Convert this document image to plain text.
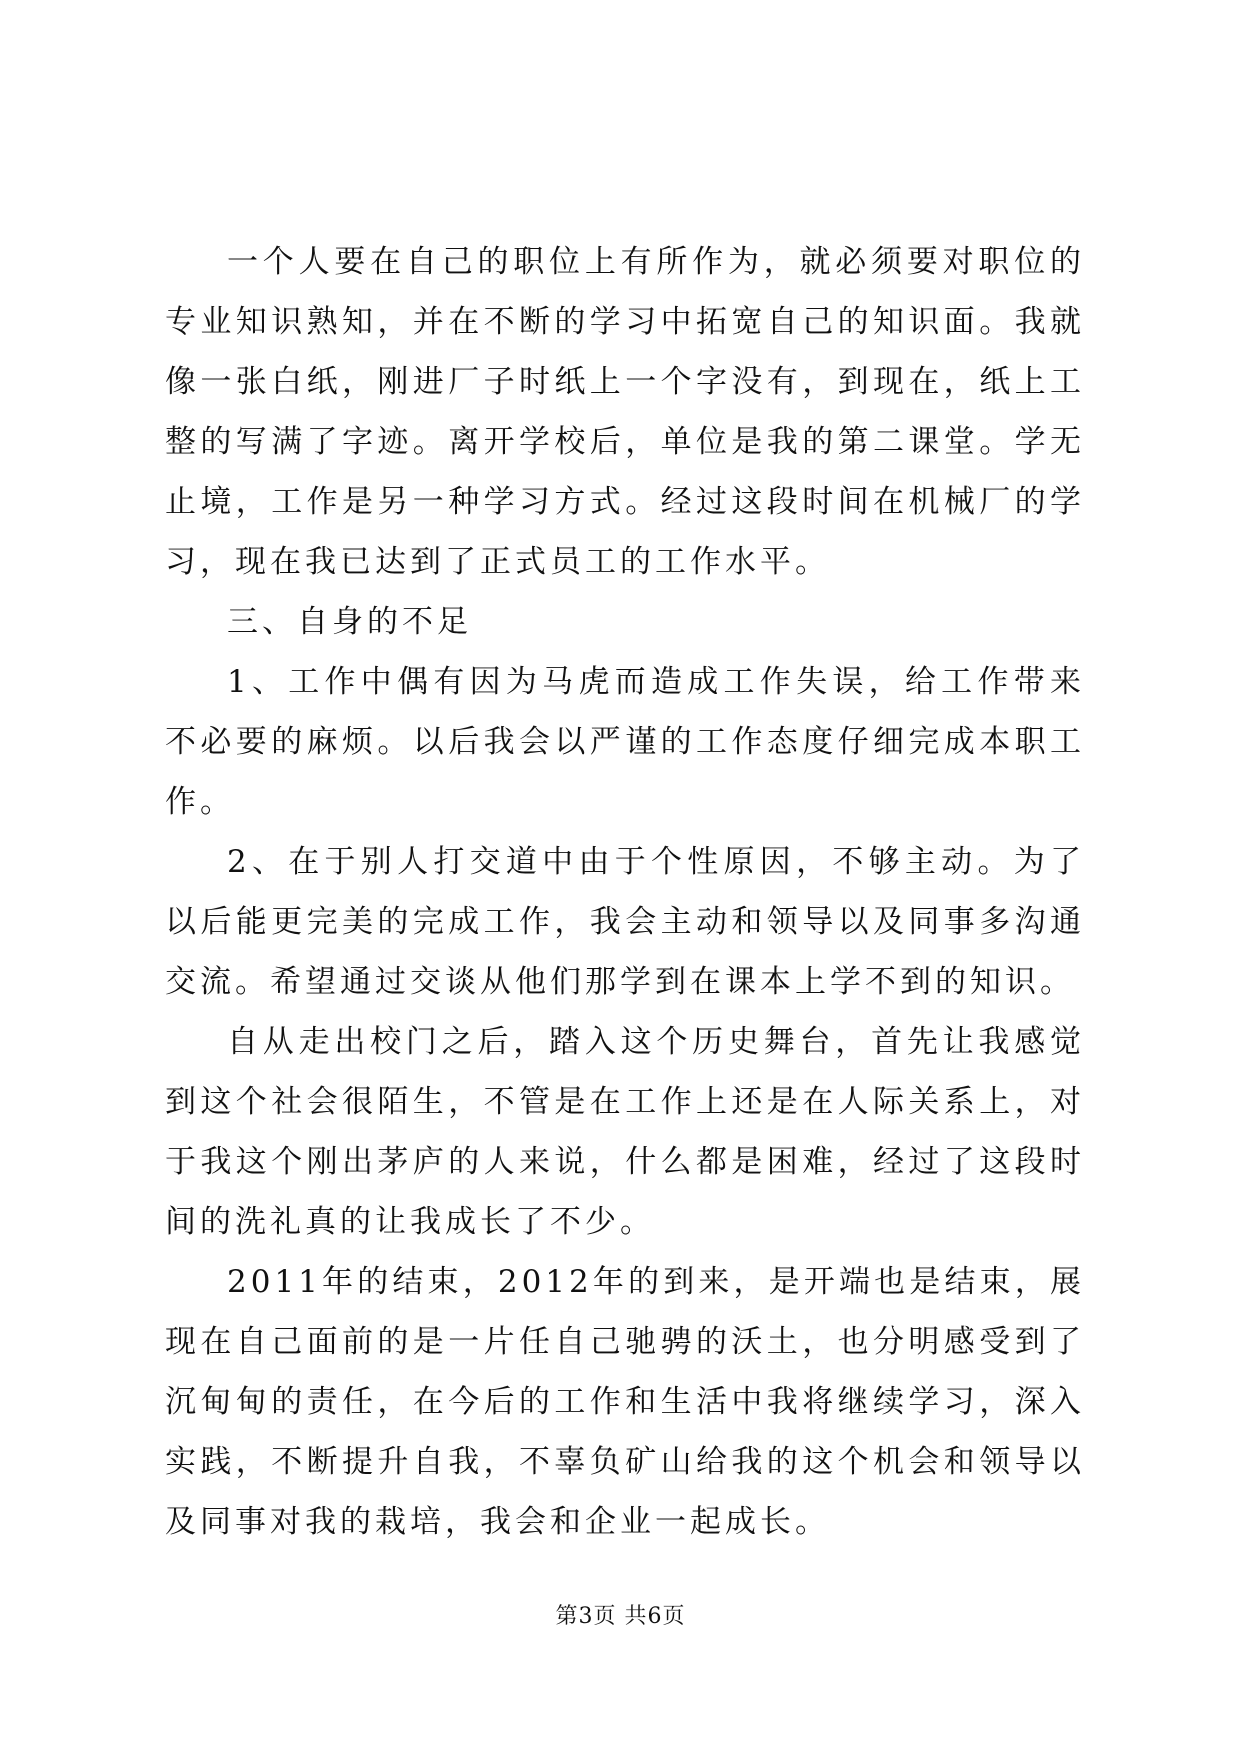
一个人要在自己的职位上有所作为，就必须要对职位的专业知识熟知，并在不断的学习中拓宽自己的知识面。我就像一张白纸，刚进厂子时纸上一个字没有，到现在，纸上工整的写满了字迹。离开学校后，单位是我的第二课堂。学无止境，工作是另一种学习方式。经过这段时间在机械厂的学习，现在我已达到了正式员工的工作水平。

三、自身的不足

1、工作中偶有因为马虎而造成工作失误，给工作带来不必要的麻烦。以后我会以严谨的工作态度仔细完成本职工作。

2、在于别人打交道中由于个性原因，不够主动。为了以后能更完美的完成工作，我会主动和领导以及同事多沟通交流。希望通过交谈从他们那学到在课本上学不到的知识。

自从走出校门之后，踏入这个历史舞台，首先让我感觉到这个社会很陌生，不管是在工作上还是在人际关系上，对于我这个刚出茅庐的人来说，什么都是困难，经过了这段时间的洗礼真的让我成长了不少。

2011年的结束，2012年的到来，是开端也是结束，展现在自己面前的是一片任自己驰骋的沃土，也分明感受到了沉甸甸的责任，在今后的工作和生活中我将继续学习，深入实践，不断提升自我，不辜负矿山给我的这个机会和领导以及同事对我的栽培，我会和企业一起成长。

第3页 共6页
